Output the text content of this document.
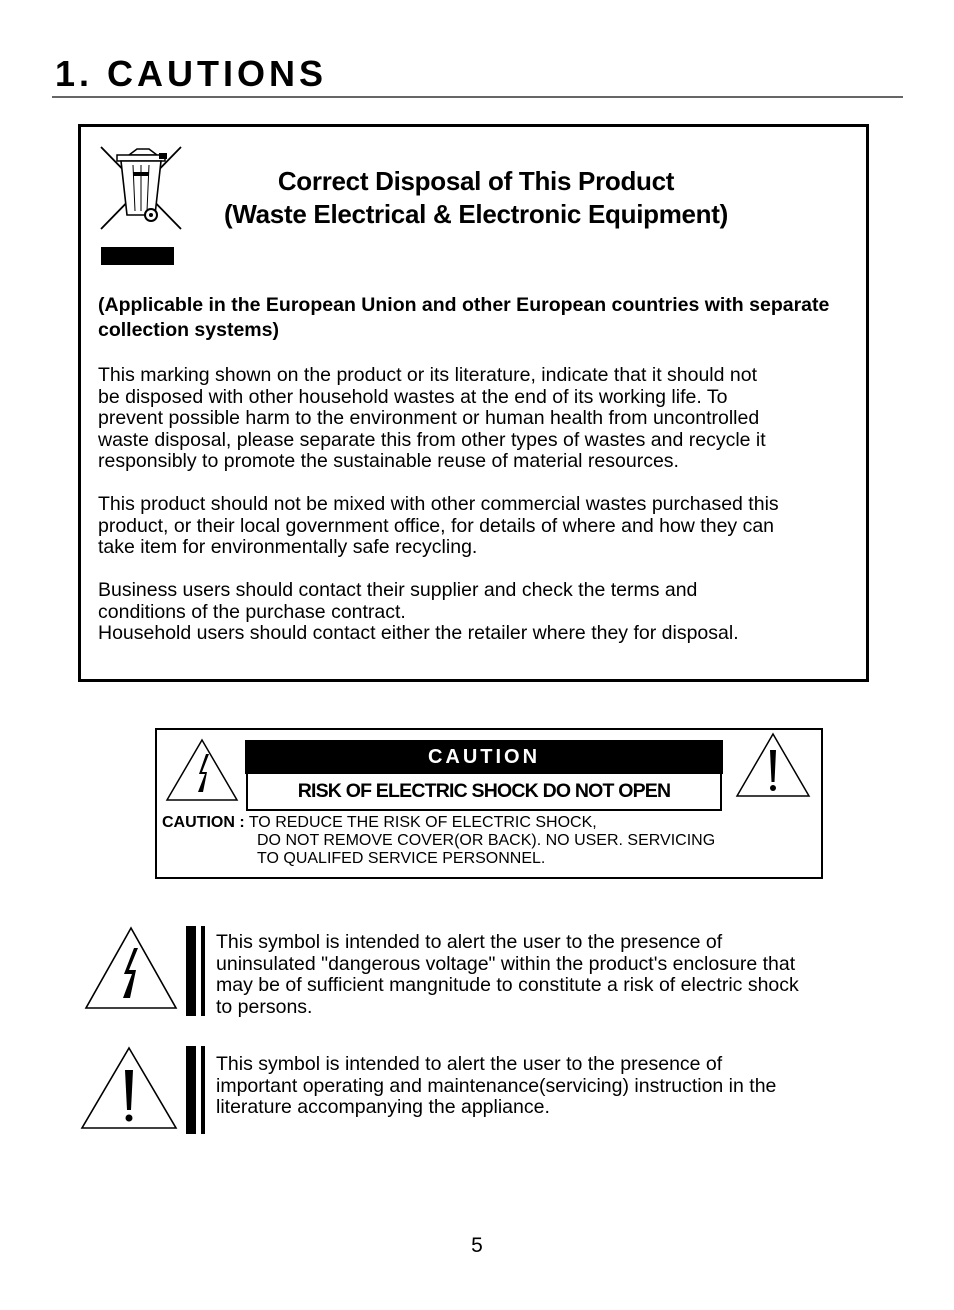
1. CAUTIONS
Correct Disposal of This Product
(Waste Electrical & Electronic Equipment)
(Applicable in the European Union and other European countries with separate collection systems)
This marking shown on the product or its literature, indicate that it should not
be disposed with other household wastes at the end of its working life. To
prevent possible harm to the environment or human health from uncontrolled
waste disposal, please separate this from other types of wastes and recycle it
responsibly to promote the sustainable reuse of material resources.
This product should not be mixed with other commercial wastes purchased this
product, or their local government office, for details of where and how they can
take item for environmentally safe recycling.
Business users should contact their supplier and check the terms and
conditions of the purchase contract.
Household users should contact either the retailer where they for disposal.
CAUTION
RISK OF ELECTRIC SHOCK DO NOT OPEN
CAUTION : TO REDUCE THE RISK OF ELECTRIC SHOCK,
DO NOT REMOVE COVER(OR BACK). NO USER. SERVICING
TO QUALIFED SERVICE PERSONNEL.
This symbol is intended to alert the user to the presence of
uninsulated "dangerous voltage" within the product's enclosure that
may be of sufficient mangnitude to constitute a risk of electric shock
to persons.
This symbol is intended to alert the user to the presence of
important operating and maintenance(servicing) instruction in the
literature accompanying the appliance.
5
